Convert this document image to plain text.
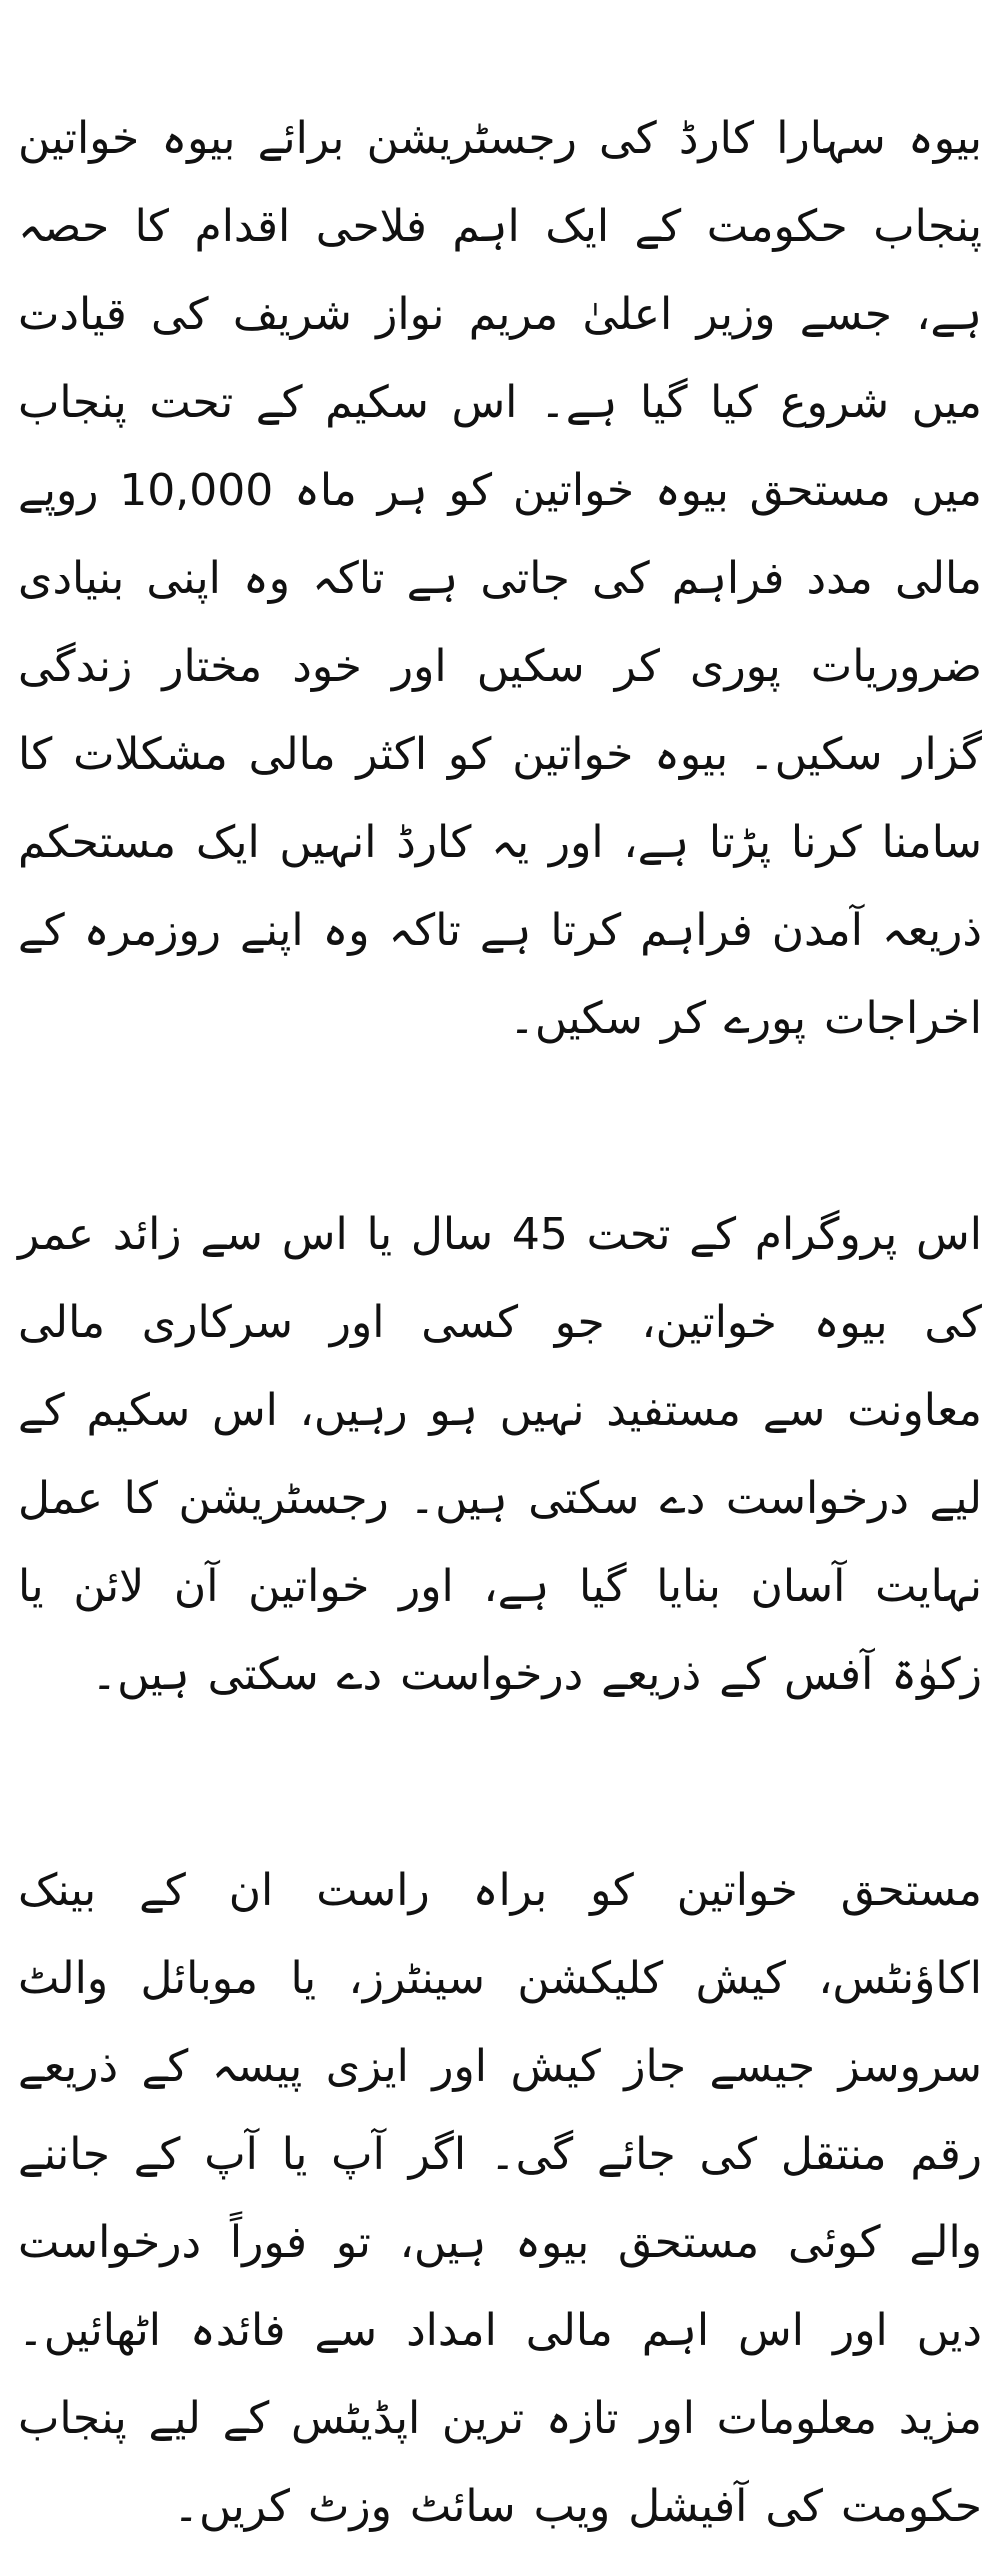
بیوہ سہارا کارڈ کی رجسٹریشن برائے بیوہ خواتین پنجاب حکومت کے ایک اہم فلاحی اقدام کا حصہ ہے، جسے وزیر اعلیٰ مریم نواز شریف کی قیادت میں شروع کیا گیا ہے۔ اس سکیم کے تحت پنجاب میں مستحق بیوہ خواتین کو ہر ماہ 10,000 روپے مالی مدد فراہم کی جاتی ہے تاکہ وہ اپنی بنیادی ضروریات پوری کر سکیں اور خود مختار زندگی گزار سکیں۔ بیوہ خواتین کو اکثر مالی مشکلات کا سامنا کرنا پڑتا ہے، اور یہ کارڈ انہیں ایک مستحکم ذریعہ آمدن فراہم کرتا ہے تاکہ وہ اپنے روزمرہ کے اخراجات پورے کر سکیں۔

اس پروگرام کے تحت 45 سال یا اس سے زائد عمر کی بیوہ خواتین، جو کسی اور سرکاری مالی معاونت سے مستفید نہیں ہو رہیں، اس سکیم کے لیے درخواست دے سکتی ہیں۔ رجسٹریشن کا عمل نہایت آسان بنایا گیا ہے، اور خواتین آن لائن یا زکوٰۃ آفس کے ذریعے درخواست دے سکتی ہیں۔

مستحق خواتین کو براہ راست ان کے بینک اکاؤنٹس، کیش کلیکشن سینٹرز، یا موبائل والٹ سروسز جیسے جاز کیش اور ایزی پیسہ کے ذریعے رقم منتقل کی جائے گی۔ اگر آپ یا آپ کے جاننے والے کوئی مستحق بیوہ ہیں، تو فوراً درخواست دیں اور اس اہم مالی امداد سے فائدہ اٹھائیں۔ مزید معلومات اور تازہ ترین اپڈیٹس کے لیے پنجاب حکومت کی آفیشل ویب سائٹ وزٹ کریں۔
